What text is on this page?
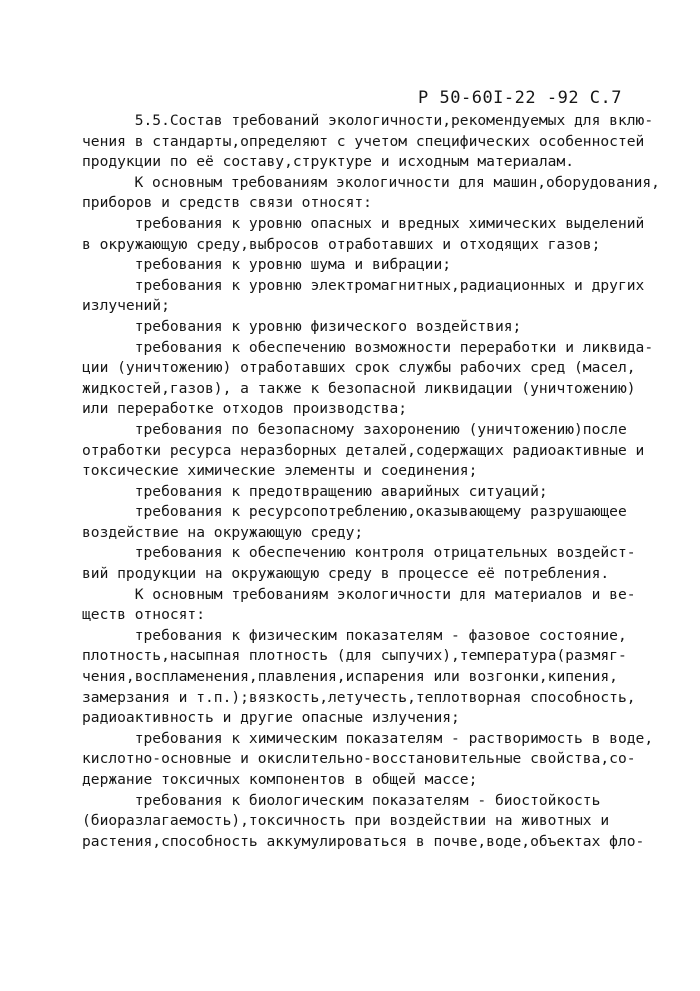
Р 50-60I-22 -92 С.7
5.5.Состав требований экологичности,рекомендуемых для вклю-
чения в стандарты,определяют с учетом специфических особенностей
продукции по её составу,структуре и исходным материалам.
К основным требованиям экологичности для машин,оборудования,
приборов и средств связи относят:
требования к уровню опасных и вредных химических выделений
в окружающую среду,выбросов отработавших и отходящих газов;
требования к уровню шума и вибрации;
требования к уровню электромагнитных,радиационных и других
излучений;
требования к уровню физического воздействия;
требования к обеспечению возможности переработки и ликвида-
ции (уничтожению) отработавших срок службы рабочих сред (масел,
жидкостей,газов), а также к безопасной ликвидации (уничтожению)
или переработке отходов производства;
требования по безопасному захоронению (уничтожению)после
отработки ресурса неразборных деталей,содержащих радиоактивные и
токсические химические элементы и соединения;
требования к предотвращению аварийных ситуаций;
требования к ресурсопотреблению,оказывающему разрушающее
воздействие на окружающую среду;
требования к обеспечению контроля отрицательных воздейст-
вий продукции на окружающую среду в процессе её потребления.
К основным требованиям экологичности для материалов и ве-
ществ относят:
требования к физическим показателям - фазовое состояние,
плотность,насыпная плотность (для сыпучих),температура(размяг-
чения,воспламенения,плавления,испарения или возгонки,кипения,
замерзания и т.п.);вязкость,летучесть,теплотворная способность,
радиоактивность и другие опасные излучения;
требования к химическим показателям - растворимость в воде,
кислотно-основные и окислительно-восстановительные свойства,со-
держание токсичных компонентов в общей массе;
требования к биологическим показателям - биостойкость
(биоразлагаемость),токсичность при воздействии на животных и
растения,способность аккумулироваться в почве,воде,объектах фло-
